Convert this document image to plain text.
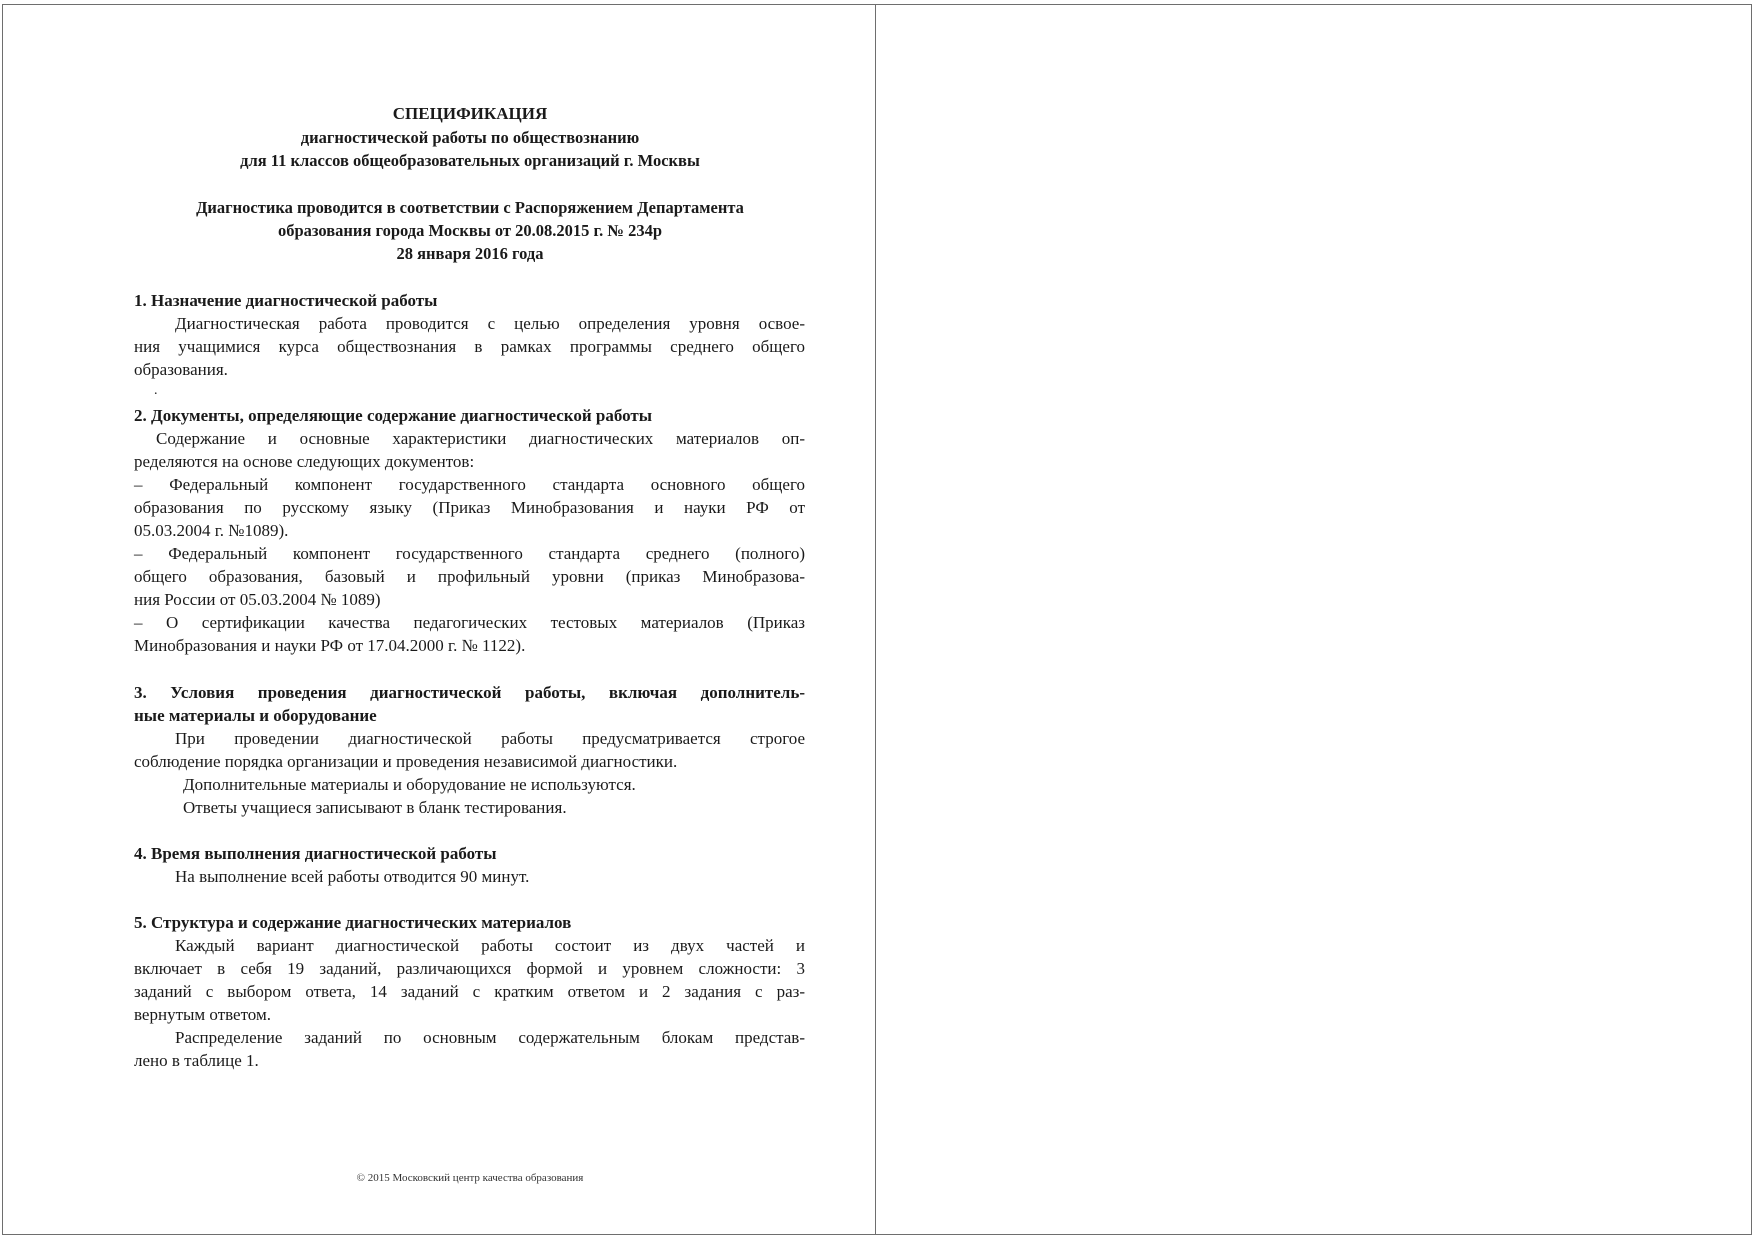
СПЕЦИФИКАЦИЯ
диагностической работы по обществознанию
для 11 классов общеобразовательных организаций г. Москвы
Диагностика проводится в соответствии с Распоряжением Департамента
образования города Москвы от 20.08.2015 г. № 234р
28 января 2016 года
1. Назначение диагностической работы
Диагностическая работа проводится с целью определения уровня освое-
ния учащимися курса обществознания в рамках программы среднего общего
образования.
.
2. Документы, определяющие содержание диагностической работы
Содержание и основные характеристики диагностических материалов оп-
ределяются на основе следующих документов:
– Федеральный компонент государственного стандарта основного общего
образования по русскому языку (Приказ Минобразования и науки РФ от
05.03.2004 г. №1089).
– Федеральный компонент государственного стандарта среднего (полного)
общего образования, базовый и профильный уровни (приказ Минобразова-
ния России от 05.03.2004 № 1089)
– О сертификации качества педагогических тестовых материалов (Приказ
Минобразования и науки РФ от 17.04.2000 г. № 1122).
3. Условия проведения диагностической работы, включая дополнитель-
ные материалы и оборудование
При проведении диагностической работы предусматривается строгое
соблюдение порядка организации и проведения независимой диагностики.
Дополнительные материалы и оборудование не используются.
Ответы учащиеся записывают в бланк тестирования.
4. Время выполнения диагностической работы
На выполнение всей работы отводится 90 минут.
5. Структура и содержание диагностических материалов
Каждый вариант диагностической работы состоит из двух частей и
включает в себя 19 заданий, различающихся формой и уровнем сложности: 3
заданий с выбором ответа, 14 заданий с кратким ответом и 2 задания с раз-
вернутым ответом.
Распределение заданий по основным содержательным блокам представ-
лено в таблице 1.
© 2015 Московский центр качества образования
